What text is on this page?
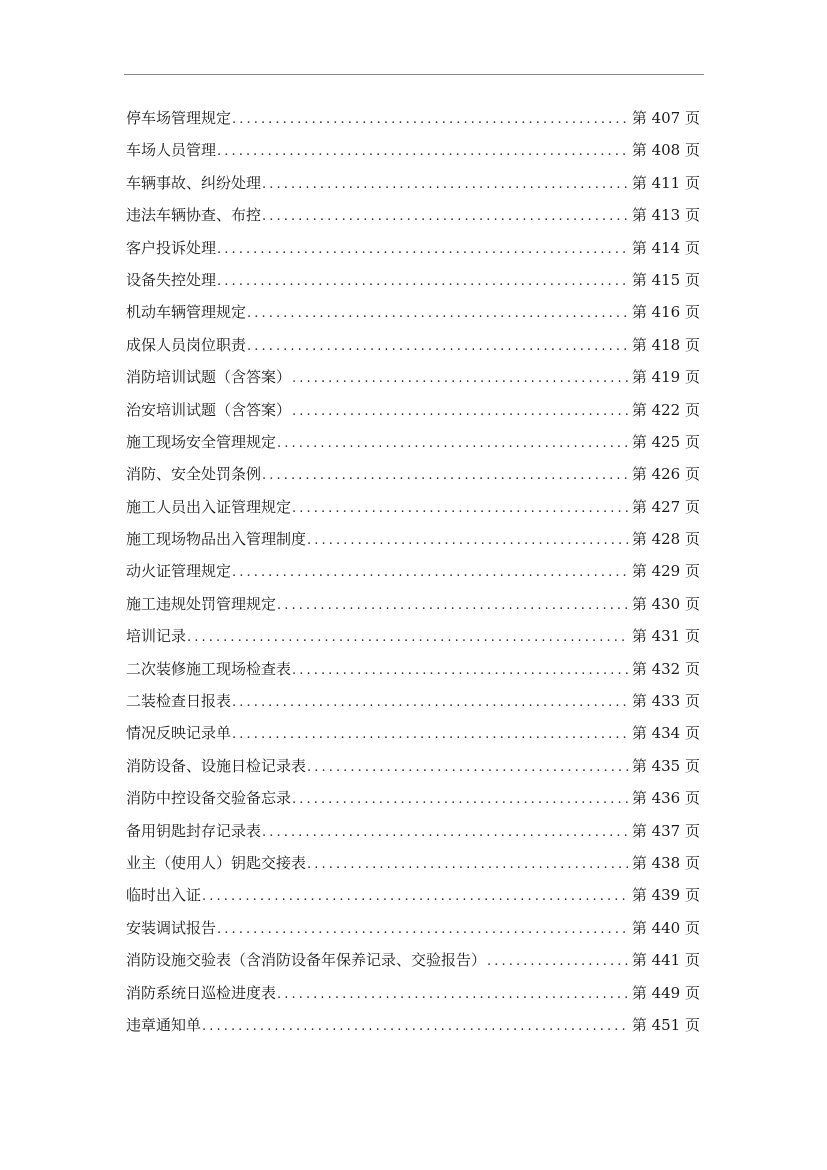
停车场管理规定 .....	第 407 页
车场人员管理 .....	第 408 页
车辆事故、纠纷处理 .....	第 411 页
违法车辆协查、布控 .....	第 413 页
客户投诉处理 .....	第 414 页
设备失控处理 .....	第 415 页
机动车辆管理规定 .....	第 416 页
成保人员岗位职责 .....	第 418 页
消防培训试题（含答案） .....	第 419 页
治安培训试题（含答案） .....	第 422 页
施工现场安全管理规定 .....	第 425 页
消防、安全处罚条例 .....	第 426 页
施工人员出入证管理规定 .....	第 427 页
施工现场物品出入管理制度 .....	第 428 页
动火证管理规定 .....	第 429 页
施工违规处罚管理规定 .....	第 430 页
培训记录 .....	第 431 页
二次装修施工现场检查表 .....	第 432 页
二装检查日报表 .....	第 433 页
情况反映记录单 .....	第 434 页
消防设备、设施日检记录表 .....	第 435 页
消防中控设备交验备忘录 .....	第 436 页
备用钥匙封存记录表 .....	第 437 页
业主（使用人）钥匙交接表 .....	第 438 页
临时出入证 .....	第 439 页
安装调试报告 .....	第 440 页
消防设施交验表（含消防设备年保养记录、交验报告） .....	第 441 页
消防系统日巡检进度表 .....	第 449 页
违章通知单 .....	第 451 页
